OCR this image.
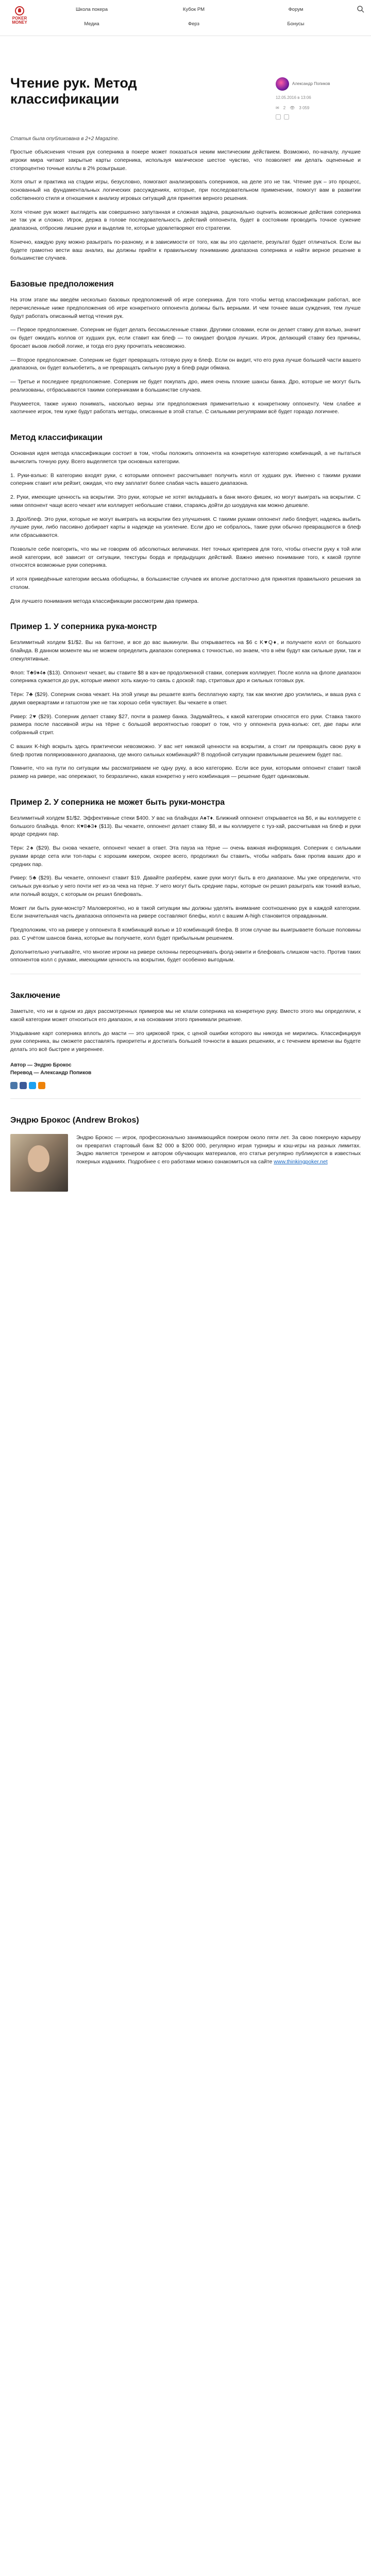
POKER
MONEY
Школа покера	Кубок PM	Форум
Медиа	Ферз	Бонусы
Чтение рук. Метод классификации
Александр Попиков
12.05.2016 в 13:06
✉ 2 👁 3 059

Статья была опубликована в 2+2 Magazine.

Простые объяснения чтения рук соперника в покере может показаться неким мистическим действием. Возможно, по-началу, лучшие игроки мира читают закрытые карты соперника, используя магическое шестое чувство, что позволяет им делать оцененные и стопроцентно точные коллы в 2% розыгрыше.

Хотя опыт и практика на стадии игры, безусловно, помогают анализировать соперников, на деле это не так. Чтение рук – это процесс, основанный на фундаментальных логических рассуждениях, которые, при последовательном применении, помогут вам в развитии собственного стиля и отношения к анализу игровых ситуаций для принятия верного решения.

Хотя чтение рук может выглядеть как совершенно запутанная и сложная задача, рационально оценить возможные действия соперника не так уж и сложно. Игрок, держа в голове последовательность действий оппонента, будет в состоянии проводить точное сужение диапазона, отбросив лишние руки и выделив те, которые удовлетворяют его стратегии.

Конечно, каждую руку можно разыграть по-разному, и в зависимости от того, как вы это сделаете, результат будет отличаться. Если вы будете грамотно вести ваш анализ, вы должны прийти к правильному пониманию диапазона соперника и найти верное решение в большинстве случаев.

Базовые предположения

На этом этапе мы введём несколько базовых предположений об игре соперника. Для того чтобы метод классификации работал, все перечисленные ниже предположения об игре конкретного оппонента должны быть верными. И чем точнее ваши суждения, тем лучше будут работать описанный метод чтения рук.

— Первое предположение. Соперник не будет делать бессмысленные ставки. Другими словами, если он делает ставку для вэлью, значит он будет ожидать коллов от худших рук, если ставит как блеф — то ожидает фолдов лучших. Игрок, делающий ставку без причины, бросает вызов любой логике, и тогда его руку прочитать невозможно.

— Второе предположение. Соперник не будет превращать готовую руку в блеф. Если он видит, что его рука лучше большей части вашего диапазона, он будет вэльюбетить, а не превращать сильную руку в блеф ради обмана.

— Третье и последнее предположение. Соперник не будет покупать дро, имея очень плохие шансы банка. Дро, которые не могут быть реализованы, отбрасываются такими соперниками в большинстве случаев.

Разумеется, также нужно понимать, насколько верны эти предположения применительно к конкретному оппоненту. Чем слабее и хаотичнее игрок, тем хуже будут работать методы, описанные в этой статье. С сильными регулярами всё будет гораздо логичнее.

Метод классификации

Основная идея метода классификации состоит в том, чтобы положить оппонента на конкретную категорию комбинаций, а не пытаться вычислить точную руку. Всего выделяется три основных категории.

1. Руки-вэлью: В категорию входят руки, с которыми оппонент рассчитывает получить колл от худших рук. Именно с такими руками соперник ставит или рейзит, ожидая, что ему заплатит более слабая часть вашего диапазона.

2. Руки, имеющие ценность на вскрытии. Это руки, которые не хотят вкладывать в банк много фишек, но могут выиграть на вскрытии. С ними оппонент чаще всего чекает или коллирует небольшие ставки, стараясь дойти до шоудауна как можно дешевле.

3. Дро/блеф. Это руки, которые не могут выиграть на вскрытии без улучшения. С такими руками оппонент либо блефует, надеясь выбить лучшие руки, либо пассивно добирает карты в надежде на усиление. Если дро не собралось, такие руки обычно превращаются в блеф или сбрасываются.

Позвольте себе повторить, что мы не говорим об абсолютных величинах. Нет точных критериев для того, чтобы отнести руку к той или иной категории, всё зависит от ситуации, текстуры борда и предыдущих действий. Важно именно понимание того, к какой группе относятся возможные руки соперника.

И хотя приведённые категории весьма обобщены, в большинстве случаев их вполне достаточно для принятия правильного решения за столом.

Для лучшего понимания метода классификации рассмотрим два примера.

Пример 1. У соперника рука-монстр

Безлимитный холдем $1/$2. Вы на баттоне, и все до вас выкинули. Вы открываетесь на $6 с K♥Q♦, и получаете колл от большого блайнда. В данном моменте мы не можем определить диапазон соперника с точностью, но знаем, что в нём будут как сильные руки, так и спекулятивные.

Флоп: T♣9♦4♠ ($13). Оппонент чекает, вы ставите $8 в кач-ве продолженной ставки, соперник коллирует. После колла на флопе диапазон соперника сужается до рук, которые имеют хоть какую-то связь с доской: пар, стритовых дро и сильных готовых рук.

Тёрн: 7♣ ($29). Соперник снова чекает. На этой улице вы решаете взять бесплатную карту, так как многие дро усилились, и ваша рука с двумя оверкартами и гатшотом уже не так хорошо себя чувствует. Вы чекаете в ответ.

Ривер: 2♥ ($29). Соперник делает ставку $27, почти в размер банка. Задумайтесь, к какой категории относятся его руки. Ставка такого размера после пассивной игры на тёрне с большой вероятностью говорит о том, что у оппонента рука-вэлью: сет, две пары или собранный стрит.

С ваших K-high вскрыть здесь практически невозможно. У вас нет никакой ценности на вскрытии, а стоит ли превращать свою руку в блеф против поляризованного диапазона, где много сильных комбинаций? В подобной ситуации правильным решением будет пас.

Помните, что на пути по ситуации мы рассматриваем не одну руку, а всю категорию. Если все руки, которыми оппонент ставит такой размер на ривере, нас опережают, то безразлично, какая конкретно у него комбинация — решение будет одинаковым.

Пример 2. У соперника не может быть руки-монстра

Безлимитный холдем $1/$2. Эффективные стеки $400. У вас на блайндах А♠Т♦. Ближний оппонент открывается на $6, и вы коллируете с большого блайнда. Флоп: К♥8♣3♦ ($13). Вы чекаете, оппонент делает ставку $8, и вы коллируете с туз-хай, рассчитывая на блеф и руки вроде средних пар.

Тёрн: 2♠ ($29). Вы снова чекаете, оппонент чекает в ответ. Эта пауза на тёрне — очень важная информация. Соперник с сильными руками вроде сета или топ-пары с хорошим кикером, скорее всего, продолжил бы ставить, чтобы набрать банк против ваших дро и средних пар.

Ривер: 5♣ ($29). Вы чекаете, оппонент ставит $19. Давайте разберём, какие руки могут быть в его диапазоне. Мы уже определили, что сильных рук-вэлью у него почти нет из-за чека на тёрне. У него могут быть средние пары, которые он решил разыграть как тонкий вэлью, или полный воздух, с которым он решил блефовать.

Может ли быть руки-монстр? Маловероятно, но в такой ситуации мы должны уделять внимание соотношению рук в каждой категории. Если значительная часть диапазона оппонента на ривере составляют блефы, колл с вашим А-high становится оправданным.

Предположим, что на ривере у оппонента 8 комбинаций вэлью и 10 комбинаций блефа. В этом случае вы выигрываете больше половины раз. С учётом шансов банка, которые вы получаете, колл будет прибыльным решением.

Дополнительно учитывайте, что многие игроки на ривере склонны переоценивать фолд-эквити и блефовать слишком часто. Против таких оппонентов колл с руками, имеющими ценность на вскрытии, будет особенно выгодным.

Заключение

Заметьте, что ни в одном из двух рассмотренных примеров мы не клали соперника на конкретную руку. Вместо этого мы определяли, к какой категории может относиться его диапазон, и на основании этого принимали решение.

Угадывание карт соперника вплоть до масти — это цирковой трюк, с ценой ошибки которого вы никогда не мирились. Классифицируя руки соперника, вы сможете расставлять приоритеты и достигать большей точности в ваших решениях, и с течением времени вы будете делать это всё быстрее и увереннее.

Автор — Эндрю Брокос
Перевод — Александр Попиков
Эндрю Брокос (Andrew Brokos)
Эндрю Брокос — игрок, профессионально занимающийся покером около пяти лет. За свою покерную карьеру он превратил стартовый банк $2 000 в $200 000, регулярно играя турниры и кэш-игры на разных лимитах. Эндрю является тренером и автором обучающих материалов, его статьи регулярно публикуются в известных покерных изданиях. Подробнее с его работами можно ознакомиться на сайте www.thinkingpoker.net
